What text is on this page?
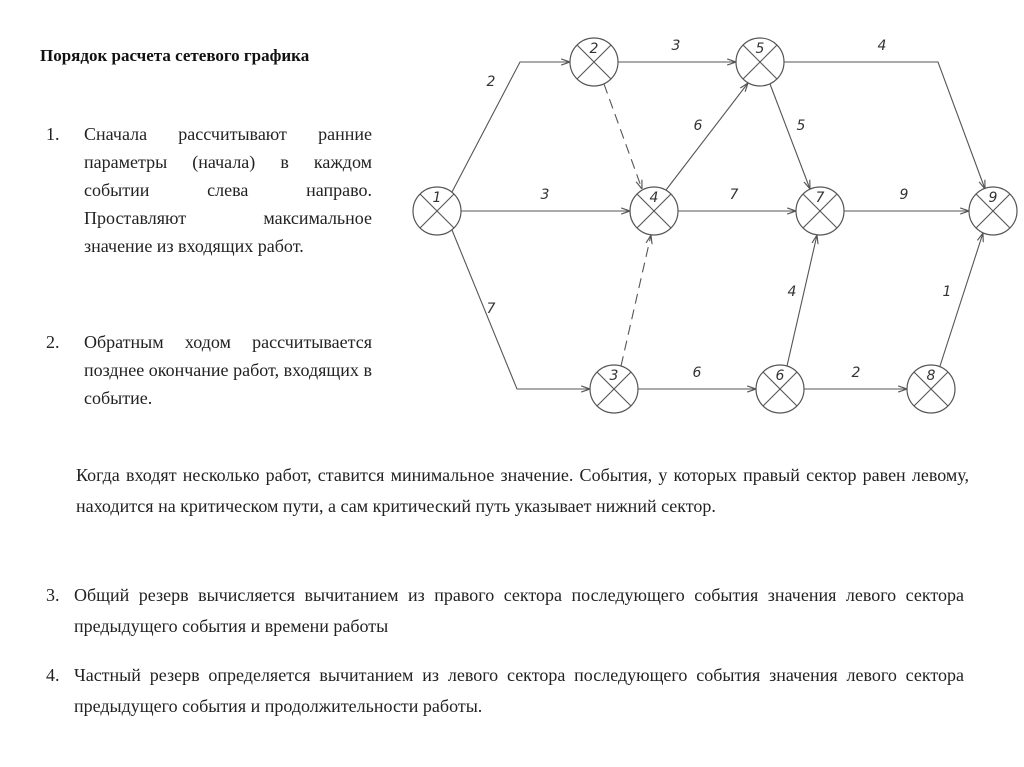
Порядок расчета сетевого графика
1. Сначала рассчитывают ранние параметры (начала) в каждом событии слева направо. Проставляют максимальное значение из входящих работ.
2. Обратным ходом рассчитывается позднее окончание работ, входящих в событие.
Когда входят несколько работ, ставится минимальное значение. События, у которых правый сектор равен левому, находится на критическом пути, а сам критический путь указывает нижний сектор.
3. Общий резерв вычисляется вычитанием из правого сектора последующего события значения левого сектора предыдущего события и времени работы
4. Частный резерв определяется вычитанием из левого сектора последующего события значения левого сектора предыдущего события и продолжительности работы.
2
3
7
3
6
7
5
4
9
6
4
2
1
1
2
3
4
5
6
7
8
9
